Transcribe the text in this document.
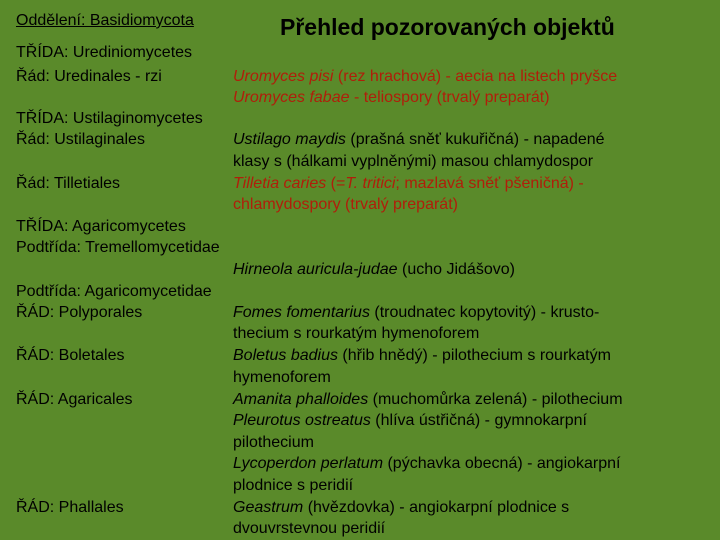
Přehled pozorovaných objektů
Oddělení: Basidiomycota
TŘÍDA: Urediniomycetes
Řád: Uredinales - rzi
TŘÍDA: Ustilaginomycetes
Řád: Ustilaginales
Řád: Tilletiales
TŘÍDA: Agaricomycetes
Podtřída: Tremellomycetidae
Podtřída: Agaricomycetidae
ŘÁD: Polyporales
ŘÁD: Boletales
ŘÁD: Agaricales
ŘÁD: Phallales
Uromyces pisi (rez hrachová) - aecia na listech pryšce
Uromyces fabae - teliospory (trvalý preparát)
Ustilago maydis (prašná sněť kukuřičná) - napadené
klasy s (hálkami vyplněnými) masou chlamydospor
Tilletia caries (=T. tritici; mazlavá sněť pšeničná) -
chlamydospory (trvalý preparát)
Hirneola auricula-judae (ucho Jidášovo)
Fomes fomentarius (troudnatec kopytovitý) - krusto-
thecium s rourkatým hymenoforem
Boletus badius (hřib hnědý) - pilothecium s rourkatým
hymenoforem
Amanita phalloides (muchomůrka zelená) - pilothecium
Pleurotus ostreatus (hlíva ústřičná) - gymnokarpní
pilothecium
Lycoperdon perlatum (pýchavka obecná) - angiokarpní
plodnice s peridií
Geastrum (hvězdovka) - angiokarpní plodnice s
dvouvrstevnou peridií
